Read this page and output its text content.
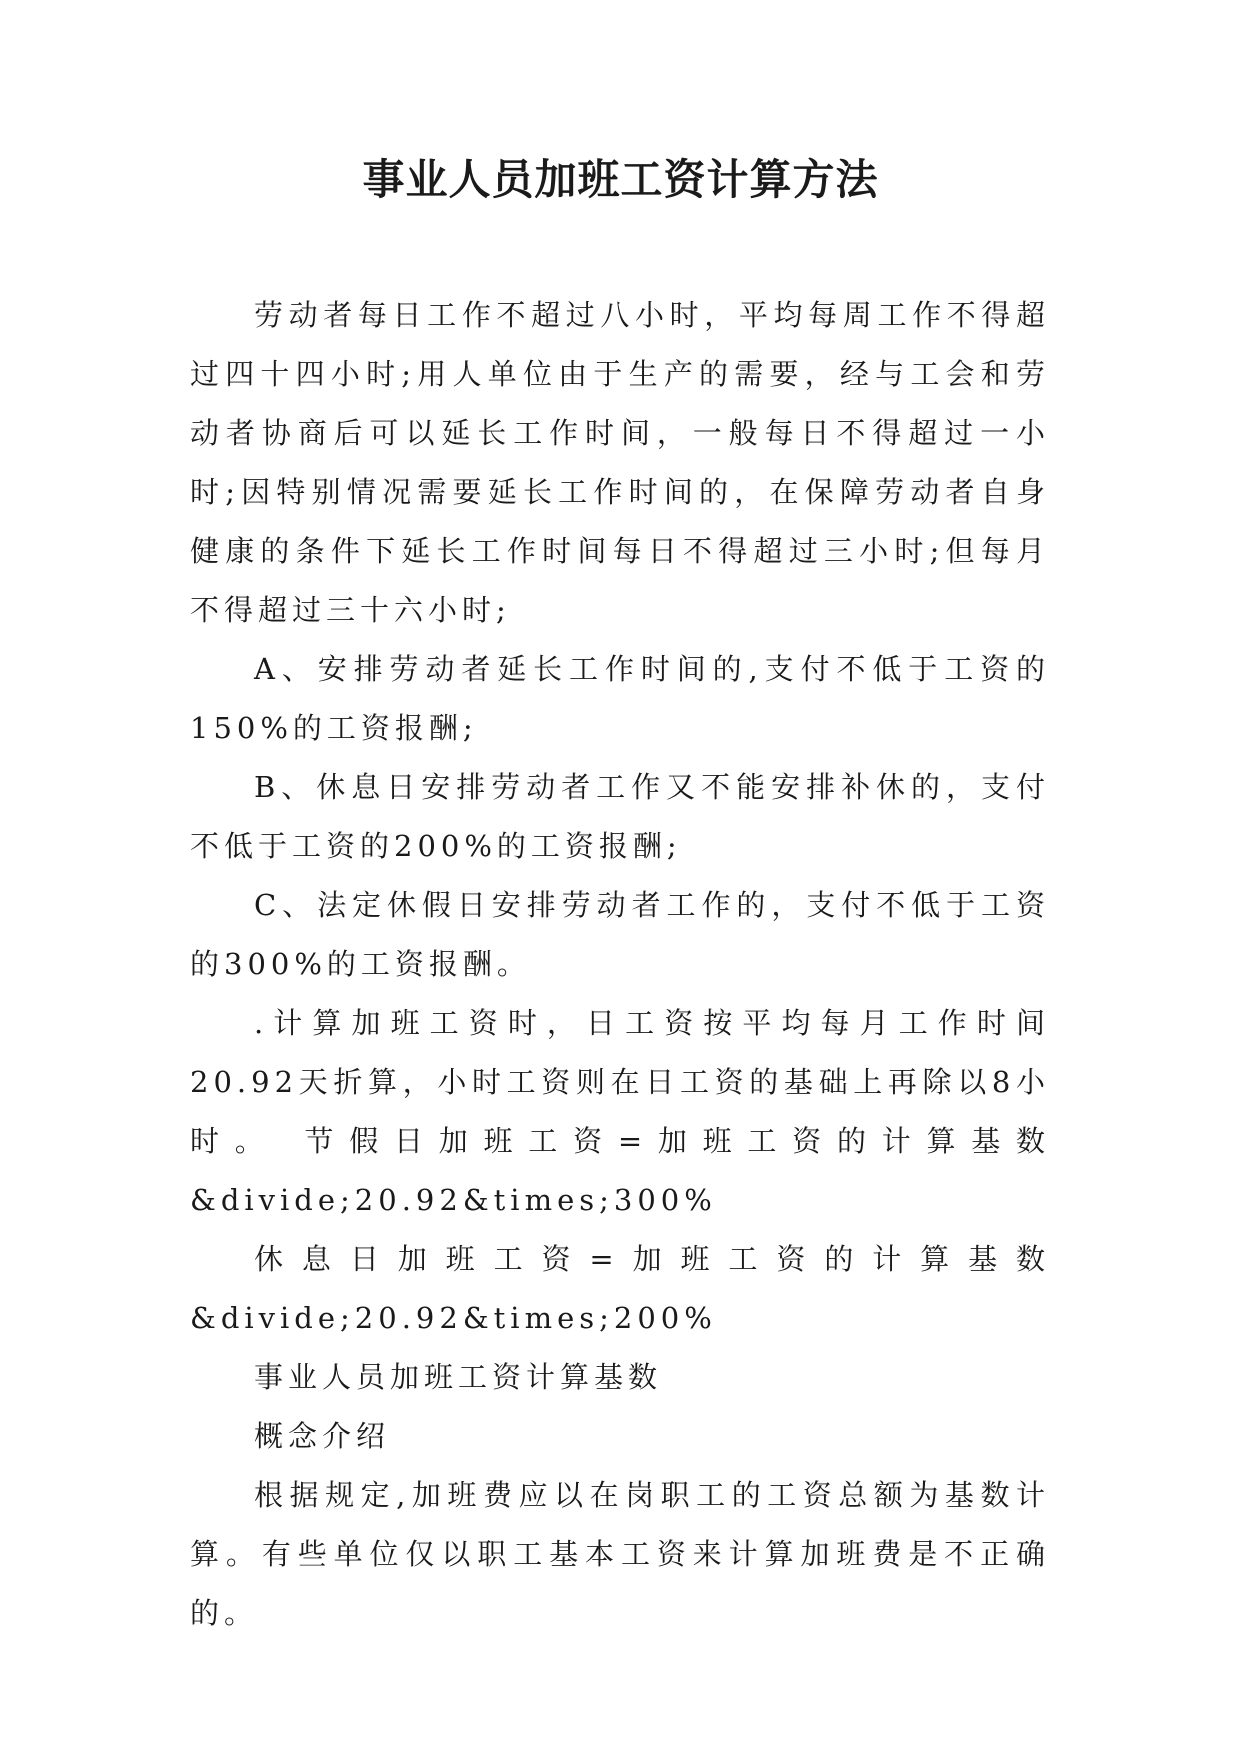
事业人员加班工资计算方法

劳动者每日工作不超过八小时，平均每周工作不得超过四十四小时;用人单位由于生产的需要，经与工会和劳动者协商后可以延长工作时间，一般每日不得超过一小时;因特别情况需要延长工作时间的，在保障劳动者自身健康的条件下延长工作时间每日不得超过三小时;但每月不得超过三十六小时;

A、安排劳动者延长工作时间的,支付不低于工资的150%的工资报酬;

B、休息日安排劳动者工作又不能安排补休的，支付不低于工资的200%的工资报酬;

C、法定休假日安排劳动者工作的，支付不低于工资的300%的工资报酬。

.计算加班工资时，日工资按平均每月工作时间20.92天折算，小时工资则在日工资的基础上再除以8小时。 节假日加班工资=加班工资的计算基数&divide;20.92&times;300%

休息日加班工资=加班工资的计算基数&divide;20.92&times;200%

事业人员加班工资计算基数

概念介绍

根据规定,加班费应以在岗职工的工资总额为基数计算。有些单位仅以职工基本工资来计算加班费是不正确的。
